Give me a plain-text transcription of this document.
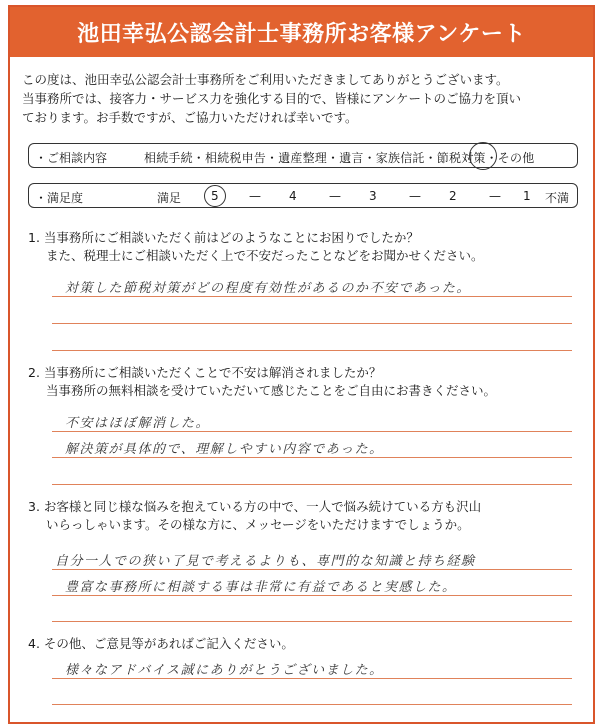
池田幸弘公認会計士事務所お客様アンケート
この度は、池田幸弘公認会計士事務所をご利用いただきましてありがとうございます。
当事務所では、接客力・サービス力を強化する目的で、皆様にアンケートのご協力を頂い
ております。お手数ですが、ご協力いただければ幸いです。
・ご相談内容	相続手続・相続税申告・遺産整理・遺言・家族信託・節税対策・その他
・満足度	満足 5	— 4	— 3	— 2	— 1 不満
1. 当事務所にご相談いただく前はどのようなことにお困りでしたか？
また、税理士にご相談いただく上で不安だったことなどをお聞かせください。
対策した節税対策がどの程度有効性があるのか不安であった。
2. 当事務所にご相談いただくことで不安は解消されましたか？
当事務所の無料相談を受けていただいて感じたことをご自由にお書きください。
不安はほぼ解消した。
解決策が具体的で、理解しやすい内容であった。
3. お客様と同じ様な悩みを抱えている方の中で、一人で悩み続けている方も沢山
いらっしゃいます。その様な方に、メッセージをいただけますでしょうか。
自分一人での狭い了見で考えるよりも、専門的な知識と持ち経験
豊富な事務所に相談する事は非常に有益であると実感した。
4. その他、ご意見等があればご記入ください。
様々なアドバイス誠にありがとうございました。
